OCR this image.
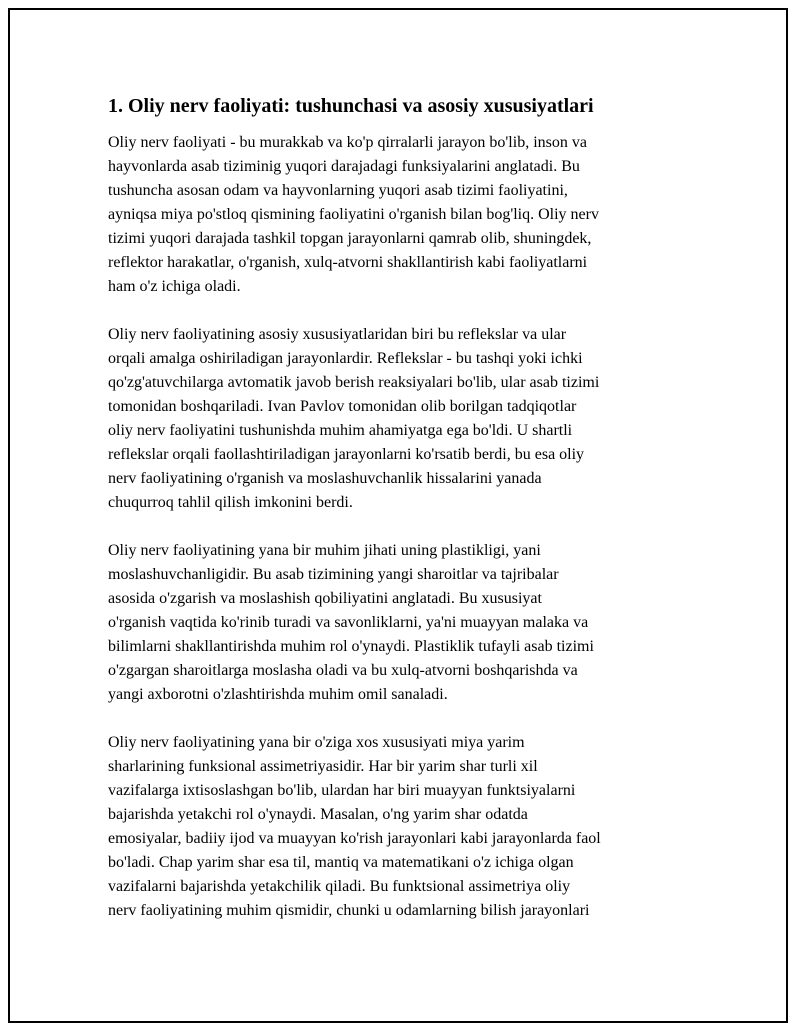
1. Oliy nerv faoliyati: tushunchasi va asosiy xususiyatlari

Oliy nerv faoliyati - bu murakkab va ko'p qirralarli jarayon bo'lib, inson va
hayvonlarda asab tiziminig yuqori darajadagi funksiyalarini anglatadi. Bu
tushuncha asosan odam va hayvonlarning yuqori asab tizimi faoliyatini,
ayniqsa miya po'stloq qismining faoliyatini o'rganish bilan bog'liq. Oliy nerv
tizimi yuqori darajada tashkil topgan jarayonlarni qamrab olib, shuningdek,
reflektor harakatlar, o'rganish, xulq-atvorni shakllantirish kabi faoliyatlarni
ham o'z ichiga oladi.

Oliy nerv faoliyatining asosiy xususiyatlaridan biri bu reflekslar va ular
orqali amalga oshiriladigan jarayonlardir. Reflekslar - bu tashqi yoki ichki
qo'zg'atuvchilarga avtomatik javob berish reaksiyalari bo'lib, ular asab tizimi
tomonidan boshqariladi. Ivan Pavlov tomonidan olib borilgan tadqiqotlar
oliy nerv faoliyatini tushunishda muhim ahamiyatga ega bo'ldi. U shartli
reflekslar orqali faollashtiriladigan jarayonlarni ko'rsatib berdi, bu esa oliy
nerv faoliyatining o'rganish va moslashuvchanlik hissalarini yanada
chuqurroq tahlil qilish imkonini berdi.

Oliy nerv faoliyatining yana bir muhim jihati uning plastikligi, yani
moslashuvchanligidir. Bu asab tizimining yangi sharoitlar va tajribalar
asosida o'zgarish va moslashish qobiliyatini anglatadi. Bu xususiyat
o'rganish vaqtida ko'rinib turadi va savonliklarni, ya'ni muayyan malaka va
bilimlarni shakllantirishda muhim rol o'ynaydi. Plastiklik tufayli asab tizimi
o'zgargan sharoitlarga moslasha oladi va bu xulq-atvorni boshqarishda va
yangi axborotni o'zlashtirishda muhim omil sanaladi.

Oliy nerv faoliyatining yana bir o'ziga xos xususiyati miya yarim
sharlarining funksional assimetriyasidir. Har bir yarim shar turli xil
vazifalarga ixtisoslashgan bo'lib, ulardan har biri muayyan funktsiyalarni
bajarishda yetakchi rol o'ynaydi. Masalan, o'ng yarim shar odatda
emosiyalar, badiiy ijod va muayyan ko'rish jarayonlari kabi jarayonlarda faol
bo'ladi. Chap yarim shar esa til, mantiq va matematikani o'z ichiga olgan
vazifalarni bajarishda yetakchilik qiladi. Bu funktsional assimetriya oliy
nerv faoliyatining muhim qismidir, chunki u odamlarning bilish jarayonlari
